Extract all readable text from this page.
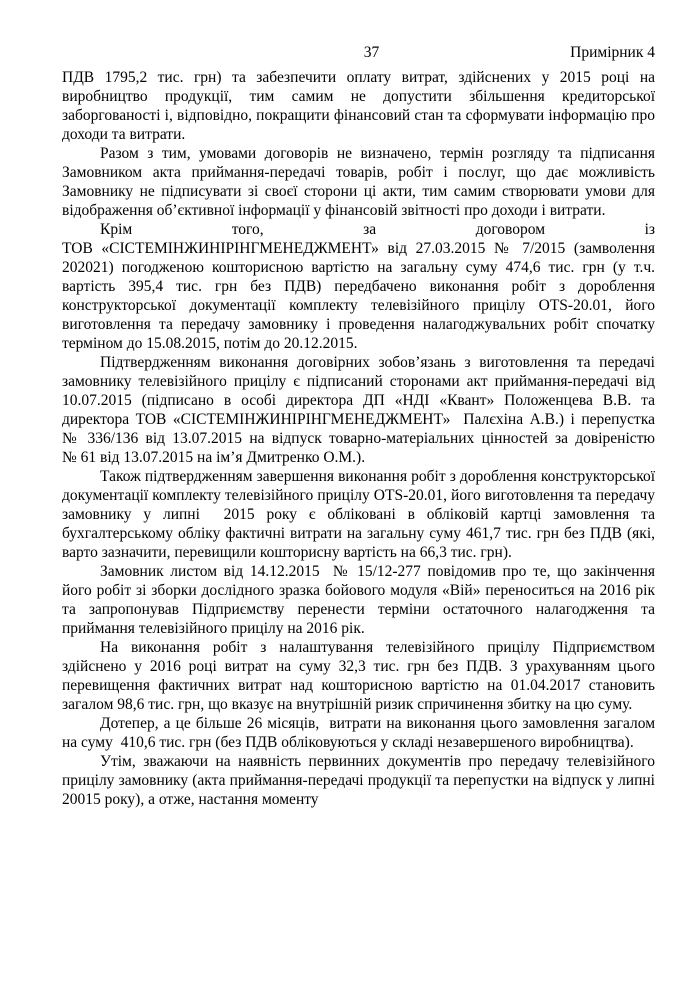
37	Примірник 4

ПДВ 1795,2 тис. грн) та забезпечити оплату витрат, здійснених у 2015 році на виробництво продукції, тим самим не допустити збільшення кредиторської заборгованості і, відповідно, покращити фінансовий стан та сформувати інформацію про доходи та витрати.

Разом з тим, умовами договорів не визначено, термін розгляду та підписання Замовником акта приймання-передачі товарів, робіт і послуг, що дає можливість Замовнику не підписувати зі своєї сторони ці акти, тим самим створювати умови для відображення об’єктивної інформації у фінансовій звітності про доходи і витрати.

Крім того, за договором із ТОВ «СІСТЕМІНЖИНІРІНГМЕНЕДЖМЕНТ» від 27.03.2015 № 7/2015 (замволення 202021) погодженою кошторисною вартістю на загальну суму 474,6 тис. грн (у т.ч. вартість 395,4 тис. грн без ПДВ) передбачено виконання робіт з дороблення конструкторської документації комплекту телевізійного прицілу OTS-20.01, його виготовлення та передачу замовнику і проведення налагоджувальних робіт спочатку терміном до 15.08.2015, потім до 20.12.2015.

Підтвердженням виконання договірних зобов’язань з виготовлення та передачі замовнику телевізійного прицілу є підписаний сторонами акт приймання-передачі від 10.07.2015 (підписано в особі директора ДП «НДІ «Квант» Положенцева В.В. та директора ТОВ «СІСТЕМІНЖИНІРІНГМЕНЕДЖМЕНТ»  Палєхіна А.В.) і перепустка № 336/136 від 13.07.2015 на відпуск товарно-матеріальних цінностей за довіреністю № 61 від 13.07.2015 на ім’я Дмитренко О.М.).

Також підтвердженням завершення виконання робіт з дороблення конструкторської документації комплекту телевізійного прицілу OTS-20.01, його виготовлення та передачу замовнику у липні  2015 року є обліковані в обліковій картці замовлення та бухгалтерському обліку фактичні витрати на загальну суму 461,7 тис. грн без ПДВ (які, варто зазначити, перевищили кошторисну вартість на 66,3 тис. грн).

Замовник листом від 14.12.2015  № 15/12-277 повідомив про те, що закінчення його робіт зі зборки дослідного зразка бойового модуля «Вій» переноситься на 2016 рік та запропонував Підприємству перенести терміни остаточного налагодження та приймання телевізійного прицілу на 2016 рік.

На виконання робіт з налаштування телевізійного прицілу Підприємством здійснено у 2016 році витрат на суму 32,3 тис. грн без ПДВ. З урахуванням цього перевищення фактичних витрат над кошторисною вартістю на 01.04.2017 становить загалом 98,6 тис. грн, що вказує на внутрішній ризик спричинення збитку на цю суму.

Дотепер, а це більше 26 місяців,  витрати на виконання цього замовлення загалом на суму  410,6 тис. грн (без ПДВ обліковуються у складі незавершеного виробництва).

Утім, зважаючи на наявність первинних документів про передачу телевізійного прицілу замовнику (акта приймання-передачі продукції та перепустки на відпуск у липні 20015 року), а отже, настання моменту
